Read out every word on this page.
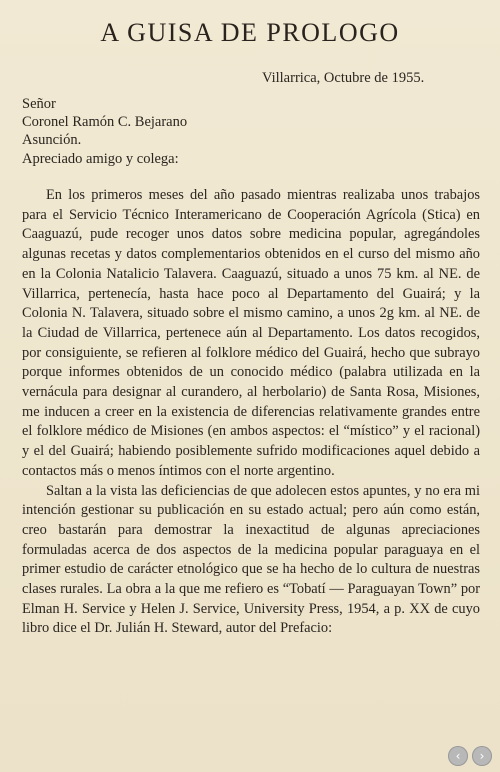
A GUISA DE PROLOGO
Villarrica, Octubre de 1955.
Señor
Coronel Ramón C. Bejarano
Asunción.
Apreciado amigo y colega:

En los primeros meses del año pasado mientras realizaba unos trabajos para el Servicio Técnico Interamericano de Cooperación Agrícola (Stica) en Caaguazú, pude recoger unos datos sobre medicina popular, agregándoles algunas recetas y datos complementarios obtenidos en el curso del mismo año en la Colonia Natalicio Talavera. Caaguazú, situado a unos 75 km. al NE. de Villarrica, pertenecía, hasta hace poco al Departamento del Guairá; y la Colonia N. Talavera, situado sobre el mismo camino, a unos 2g km. al NE. de la Ciudad de Villarrica, pertenece aún al Departamento. Los datos recogidos, por consiguiente, se refieren al folklore médico del Guairá, hecho que subrayo porque informes obtenidos de un conocido médico (palabra utilizada en la vernácula para designar al curandero, al herbolario) de Santa Rosa, Misiones, me inducen a creer en la existencia de diferencias relativamente grandes entre el folklore médico de Misiones (en ambos aspectos: el “místico” y el racional) y el del Guairá; habiendo posiblemente sufrido modificaciones aquel debido a contactos más o menos íntimos con el norte argentino.

Saltan a la vista las deficiencias de que adolecen estos apuntes, y no era mi intención gestionar su publicación en su estado actual; pero aún como están, creo bastarán para demostrar la inexactitud de algunas apreciaciones formuladas acerca de dos aspectos de la medicina popular paraguaya en el primer estudio de carácter etnológico que se ha hecho de lo cultura de nuestras clases rurales. La obra a la que me refiero es “Tobatí — Paraguayan Town” por Elman H. Service y Helen J. Service, University Press, 1954, a p. XX de cuyo libro dice el Dr. Julián H. Steward, autor del Prefacio:

‹	›
